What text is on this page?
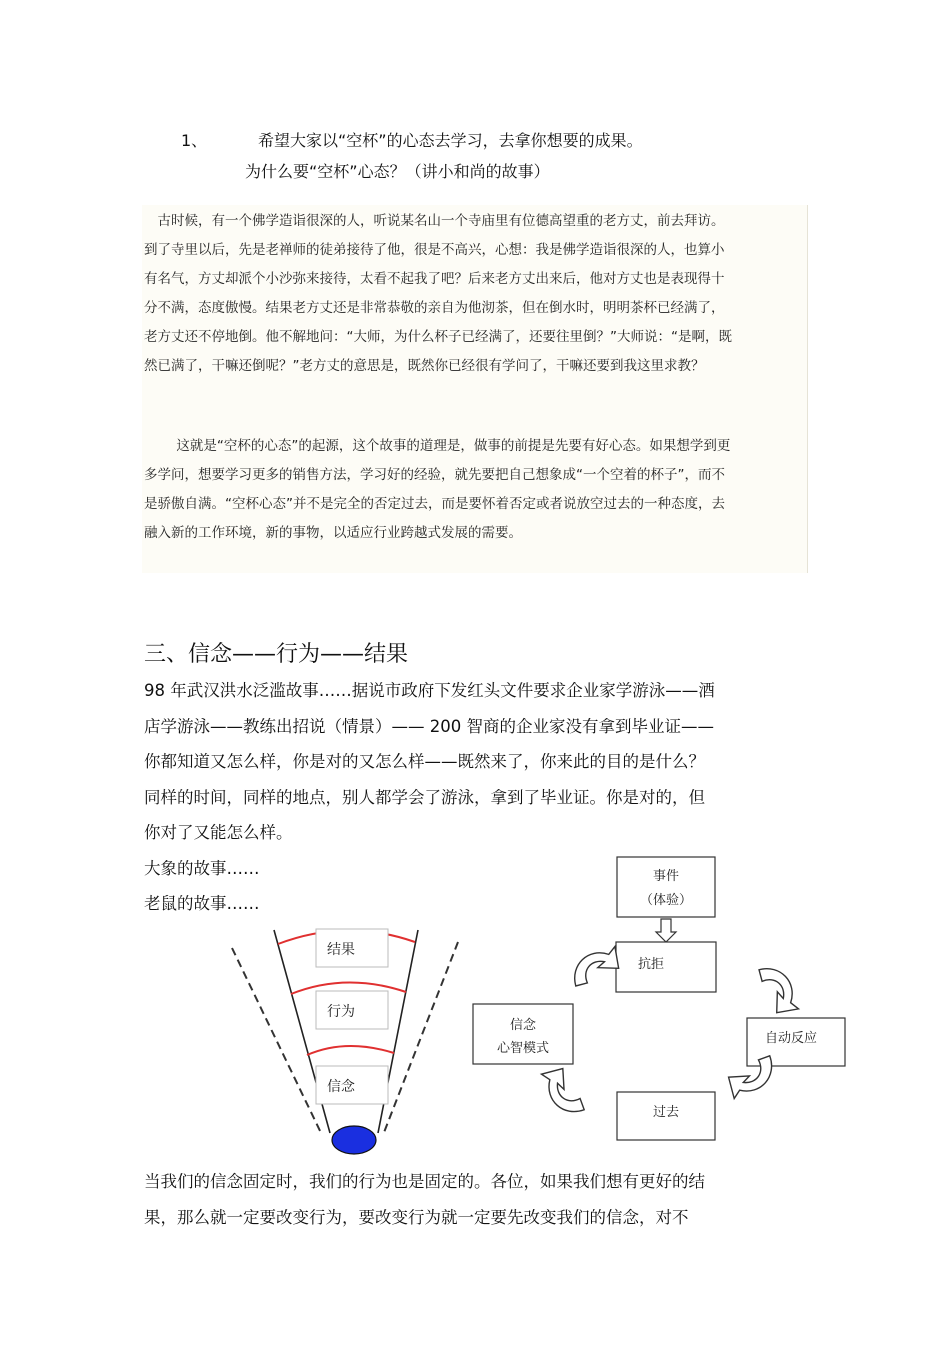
1、	希望大家以“空杯”的心态去学习，去拿你想要的成果。
为什么要“空杯”心态？（讲小和尚的故事）
古时候，有一个佛学造诣很深的人，听说某名山一个寺庙里有位德高望重的老方丈，前去拜访。到了寺里以后，先是老禅师的徒弟接待了他，很是不高兴，心想：我是佛学造诣很深的人，也算小有名气，方丈却派个小沙弥来接待，太看不起我了吧？后来老方丈出来后，他对方丈也是表现得十分不满，态度傲慢。结果老方丈还是非常恭敬的亲自为他沏茶，但在倒水时，明明茶杯已经满了，老方丈还不停地倒。他不解地问：“大师，为什么杯子已经满了，还要往里倒？”大师说：“是啊，既然已满了，干嘛还倒呢？”老方丈的意思是，既然你已经很有学问了，干嘛还要到我这里求教？
这就是“空杯的心态”的起源，这个故事的道理是，做事的前提是先要有好心态。如果想学到更多学问，想要学习更多的销售方法，学习好的经验，就先要把自己想象成“一个空着的杯子”，而不是骄傲自满。“空杯心态”并不是完全的否定过去，而是要怀着否定或者说放空过去的一种态度，去融入新的工作环境，新的事物，以适应行业跨越式发展的需要。
三、信念——行为——结果
98 年武汉洪水泛滥故事……据说市政府下发红头文件要求企业家学游泳——酒
店学游泳——教练出招说（情景）—— 200 智商的企业家没有拿到毕业证——
你都知道又怎么样，你是对的又怎么样——既然来了，你来此的目的是什么？
同样的时间，同样的地点，别人都学会了游泳，拿到了毕业证。你是对的，但
你对了又能怎么样。
大象的故事……
老鼠的故事……
结果
行为
信念
事件
（体验）
抗拒
自动反应
过去
信念
心智模式
当我们的信念固定时，我们的行为也是固定的。各位，如果我们想有更好的结
果，那么就一定要改变行为，要改变行为就一定要先改变我们的信念，对不
